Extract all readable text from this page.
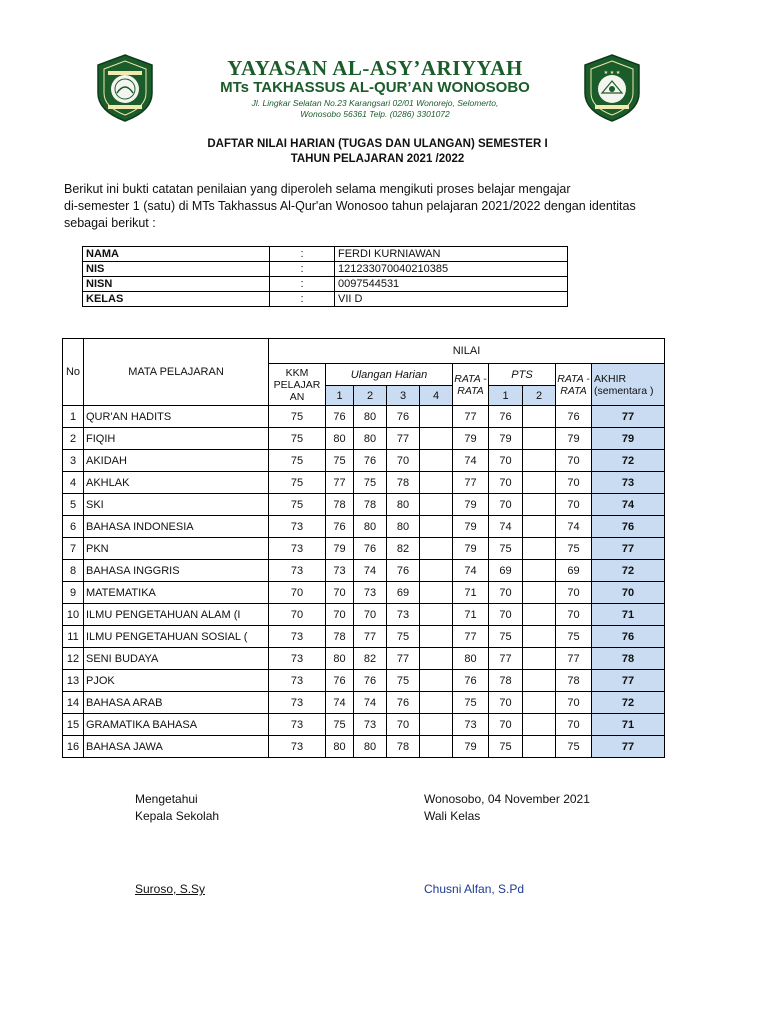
★ ★ ★
YAYASAN AL-ASY’ARIYYAH
MTs TAKHASSUS AL-QUR’AN WONOSOBO
Jl. Lingkar Selatan No.23 Karangsari 02/01 Wonorejo, Selomerto,
Wonosobo 56361 Telp. (0286) 3301072
DAFTAR NILAI HARIAN (TUGAS DAN ULANGAN) SEMESTER I
TAHUN PELAJARAN 2021 /2022
Berikut ini bukti catatan penilaian yang diperoleh selama mengikuti proses belajar mengajar
di-semester 1 (satu) di MTs Takhassus Al-Qur'an Wonosoo tahun pelajaran 2021/2022 dengan identitas
sebagai berikut :
NAMA	:	FERDI KURNIAWAN
NIS	:	121233070040210385
NISN	:	0097544531
KELAS	:	VII D
No	MATA PELAJARAN	NILAI									
		KKM PELAJAR AN	Ulangan Harian				RATA - RATA	PTS		RATA - RATA	AKHIR (sementara )
			1	2	3	4		1	2		
1	QUR'AN HADITS	75	76	80	76		77	76		76	77
2	FIQIH	75	80	80	77		79	79		79	79
3	AKIDAH	75	75	76	70		74	70		70	72
4	AKHLAK	75	77	75	78		77	70		70	73
5	SKI	75	78	78	80		79	70		70	74
6	BAHASA INDONESIA	73	76	80	80		79	74		74	76
7	PKN	73	79	76	82		79	75		75	77
8	BAHASA INGGRIS	73	73	74	76		74	69		69	72
9	MATEMATIKA	70	70	73	69		71	70		70	70
10	ILMU PENGETAHUAN ALAM (I	70	70	70	73		71	70		70	71
11	ILMU PENGETAHUAN SOSIAL (	73	78	77	75		77	75		75	76
12	SENI BUDAYA	73	80	82	77		80	77		77	78
13	PJOK	73	76	76	75		76	78		78	77
14	BAHASA ARAB	73	74	74	76		75	70		70	72
15	GRAMATIKA BAHASA	73	75	73	70		73	70		70	71
16	BAHASA JAWA	73	80	80	78		79	75		75	77
Mengetahui
Kepala Sekolah
Suroso, S.Sy
Wonosobo, 04 November 2021
Wali Kelas
Chusni Alfan, S.Pd
